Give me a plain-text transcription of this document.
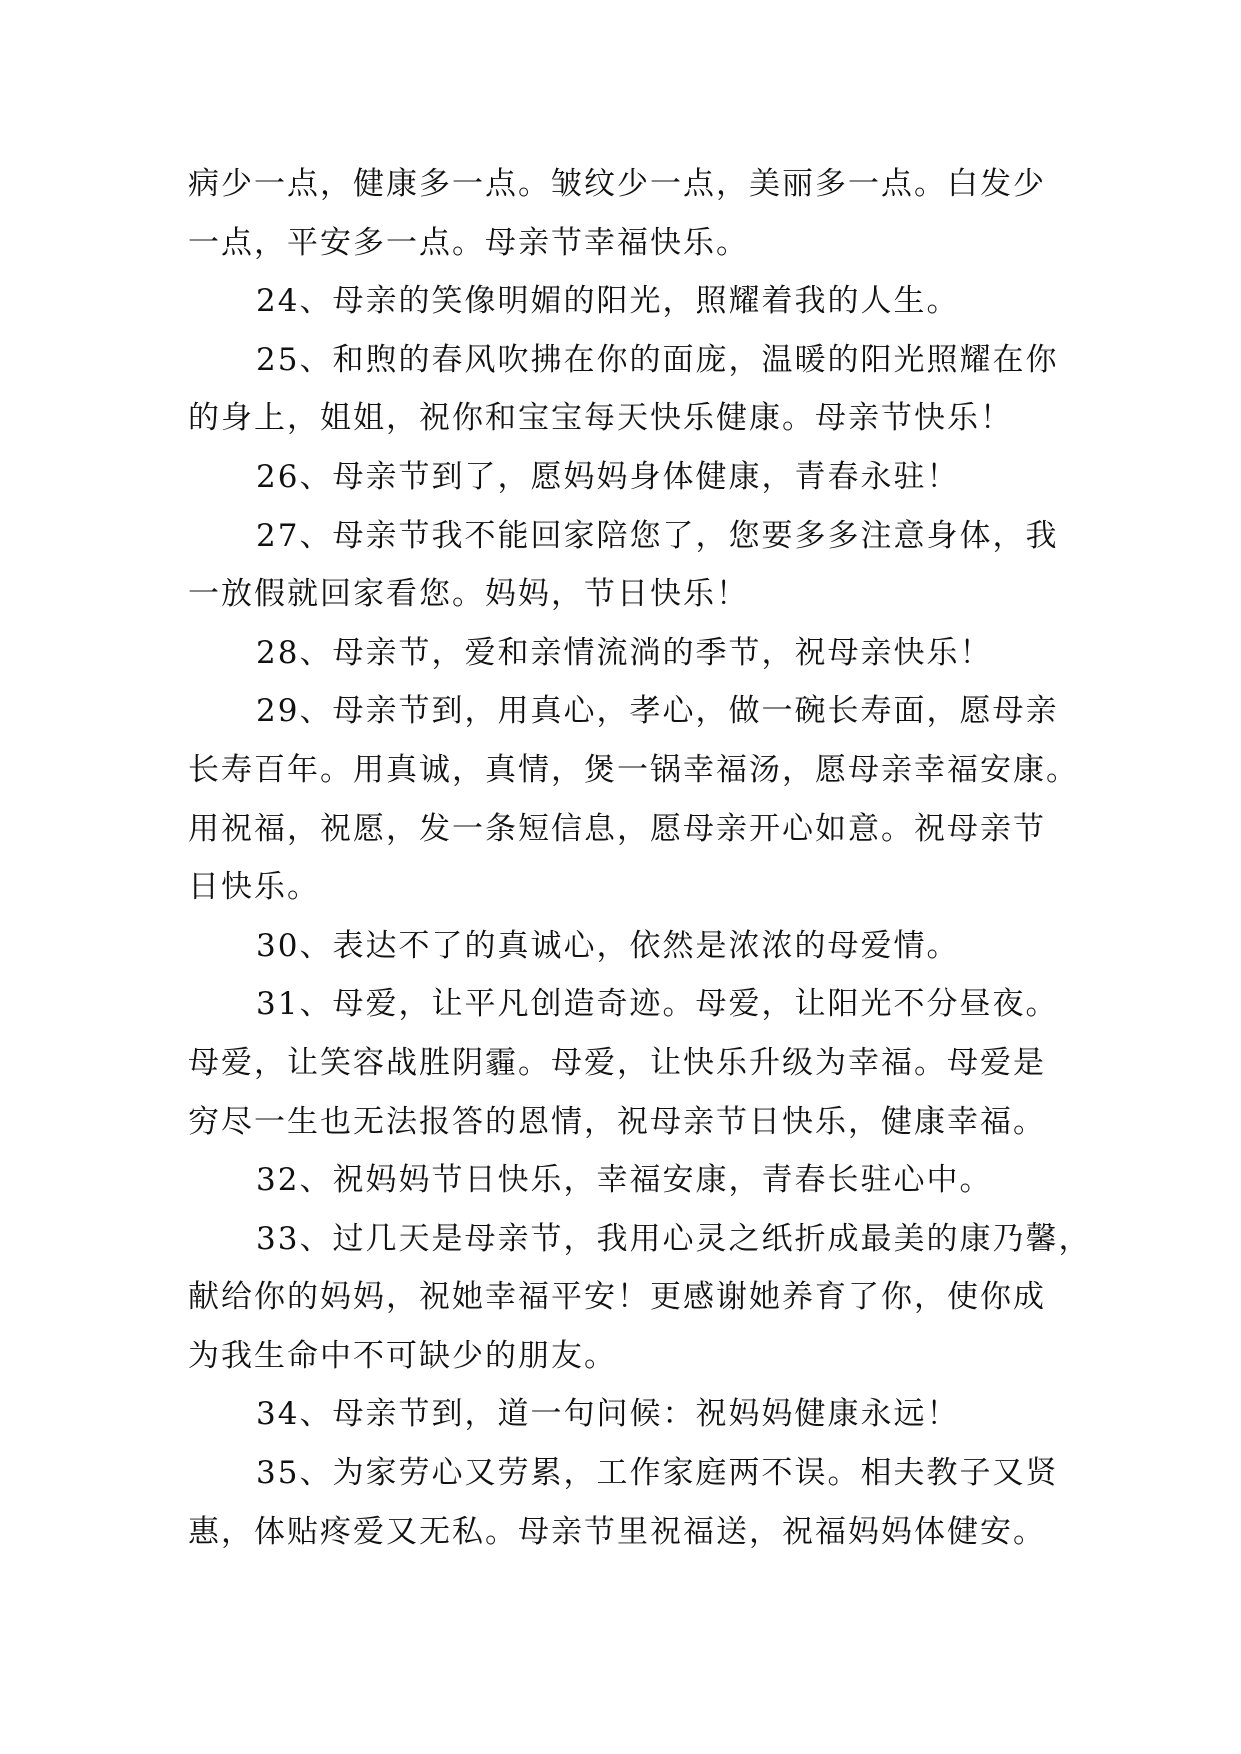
病少一点，健康多一点。皱纹少一点，美丽多一点。白发少
一点，平安多一点。母亲节幸福快乐。

24、母亲的笑像明媚的阳光，照耀着我的人生。

25、和煦的春风吹拂在你的面庞，温暖的阳光照耀在你
的身上，姐姐，祝你和宝宝每天快乐健康。母亲节快乐！

26、母亲节到了，愿妈妈身体健康，青春永驻！

27、母亲节我不能回家陪您了，您要多多注意身体，我
一放假就回家看您。妈妈，节日快乐！

28、母亲节，爱和亲情流淌的季节，祝母亲快乐！

29、母亲节到，用真心，孝心，做一碗长寿面，愿母亲
长寿百年。用真诚，真情，煲一锅幸福汤，愿母亲幸福安康。
用祝福，祝愿，发一条短信息，愿母亲开心如意。祝母亲节
日快乐。

30、表达不了的真诚心，依然是浓浓的母爱情。

31、母爱，让平凡创造奇迹。母爱，让阳光不分昼夜。
母爱，让笑容战胜阴霾。母爱，让快乐升级为幸福。母爱是
穷尽一生也无法报答的恩情，祝母亲节日快乐，健康幸福。

32、祝妈妈节日快乐，幸福安康，青春长驻心中。

33、过几天是母亲节，我用心灵之纸折成最美的康乃馨，
献给你的妈妈，祝她幸福平安！更感谢她养育了你，使你成
为我生命中不可缺少的朋友。

34、母亲节到，道一句问候：祝妈妈健康永远！

35、为家劳心又劳累，工作家庭两不误。相夫教子又贤
惠，体贴疼爱又无私。母亲节里祝福送，祝福妈妈体健安。
